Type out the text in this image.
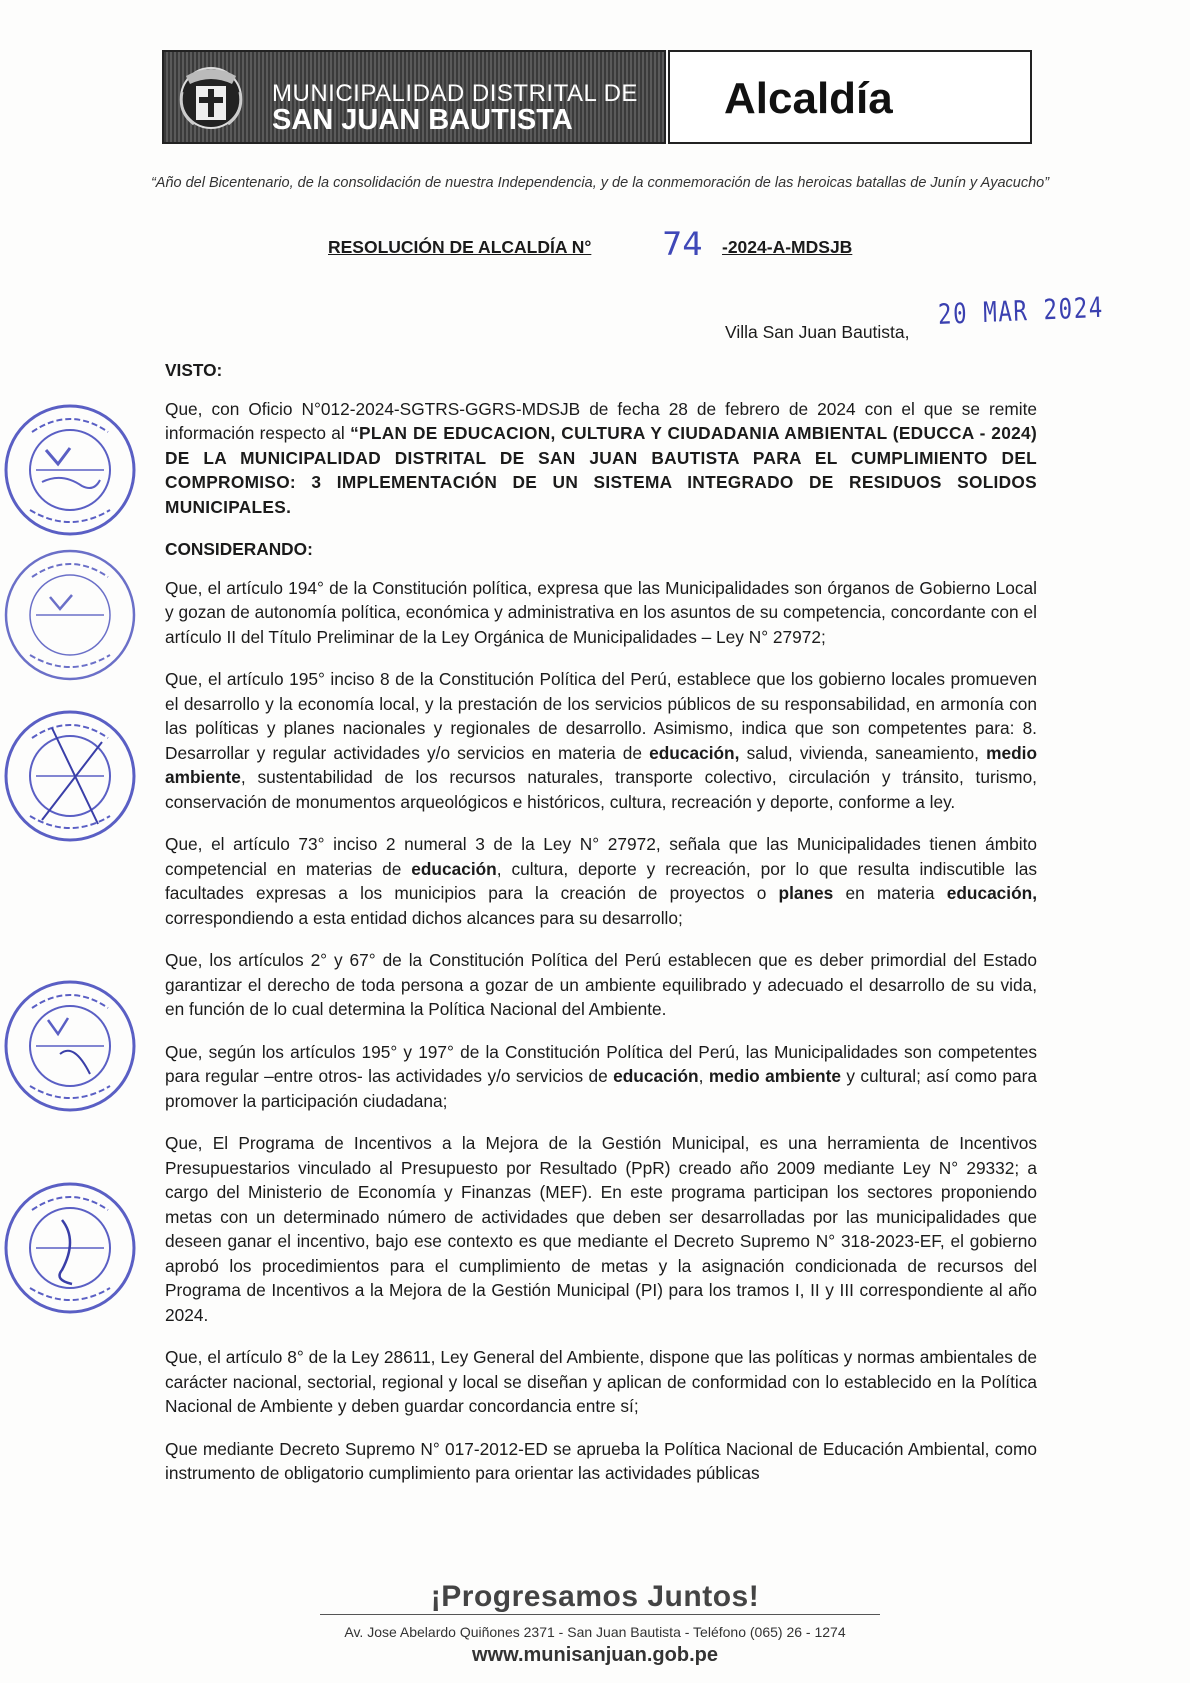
MUNICIPALIDAD DISTRITAL DE
SAN JUAN BAUTISTA	Alcaldía
“Año del Bicentenario, de la consolidación de nuestra Independencia, y de la conmemoración de las heroicas batallas de Junín y Ayacucho”
RESOLUCIÓN DE ALCALDÍA N° 74 -2024-A-MDSJB
Villa San Juan Bautista,
20 MAR 2024

VISTO:

Que, con Oficio N°012-2024-SGTRS-GGRS-MDSJB de fecha 28 de febrero de 2024 con el que se remite información respecto al “PLAN DE EDUCACION, CULTURA Y CIUDADANIA AMBIENTAL (EDUCCA - 2024) DE LA MUNICIPALIDAD DISTRITAL DE SAN JUAN BAUTISTA PARA EL CUMPLIMIENTO DEL COMPROMISO: 3 IMPLEMENTACIÓN DE UN SISTEMA INTEGRADO DE RESIDUOS SOLIDOS MUNICIPALES.

CONSIDERANDO:

Que, el artículo 194° de la Constitución política, expresa que las Municipalidades son órganos de Gobierno Local y gozan de autonomía política, económica y administrativa en los asuntos de su competencia, concordante con el artículo II del Título Preliminar de la Ley Orgánica de Municipalidades – Ley N° 27972;

Que, el artículo 195° inciso 8 de la Constitución Política del Perú, establece que los gobierno locales promueven el desarrollo y la economía local, y la prestación de los servicios públicos de su responsabilidad, en armonía con las políticas y planes nacionales y regionales de desarrollo. Asimismo, indica que son competentes para: 8. Desarrollar y regular actividades y/o servicios en materia de educación, salud, vivienda, saneamiento, medio ambiente, sustentabilidad de los recursos naturales, transporte colectivo, circulación y tránsito, turismo, conservación de monumentos arqueológicos e históricos, cultura, recreación y deporte, conforme a ley.

Que, el artículo 73° inciso 2 numeral 3 de la Ley N° 27972, señala que las Municipalidades tienen ámbito competencial en materias de educación, cultura, deporte y recreación, por lo que resulta indiscutible las facultades expresas a los municipios para la creación de proyectos o planes en materia educación, correspondiendo a esta entidad dichos alcances para su desarrollo;

Que, los artículos 2° y 67° de la Constitución Política del Perú establecen que es deber primordial del Estado garantizar el derecho de toda persona a gozar de un ambiente equilibrado y adecuado el desarrollo de su vida, en función de lo cual determina la Política Nacional del Ambiente.

Que, según los artículos 195° y 197° de la Constitución Política del Perú, las Municipalidades son competentes para regular –entre otros- las actividades y/o servicios de educación, medio ambiente y cultural; así como para promover la participación ciudadana;

Que, El Programa de Incentivos a la Mejora de la Gestión Municipal, es una herramienta de Incentivos Presupuestarios vinculado al Presupuesto por Resultado (PpR) creado año 2009 mediante Ley N° 29332; a cargo del Ministerio de Economía y Finanzas (MEF). En este programa participan los sectores proponiendo metas con un determinado número de actividades que deben ser desarrolladas por las municipalidades que deseen ganar el incentivo, bajo ese contexto es que mediante el Decreto Supremo N° 318-2023-EF, el gobierno aprobó los procedimientos para el cumplimiento de metas y la asignación condicionada de recursos del Programa de Incentivos a la Mejora de la Gestión Municipal (PI) para los tramos I, II y III correspondiente al año 2024.

Que, el artículo 8° de la Ley 28611, Ley General del Ambiente, dispone que las políticas y normas ambientales de carácter nacional, sectorial, regional y local se diseñan y aplican de conformidad con lo establecido en la Política Nacional de Ambiente y deben guardar concordancia entre sí;

Que mediante Decreto Supremo N° 017-2012-ED se aprueba la Política Nacional de Educación Ambiental, como instrumento de obligatorio cumplimiento para orientar las actividades públicas

¡Progresamos Juntos!
Av. Jose Abelardo Quiñones 2371 - San Juan Bautista - Teléfono (065) 26 - 1274
www.munisanjuan.gob.pe
